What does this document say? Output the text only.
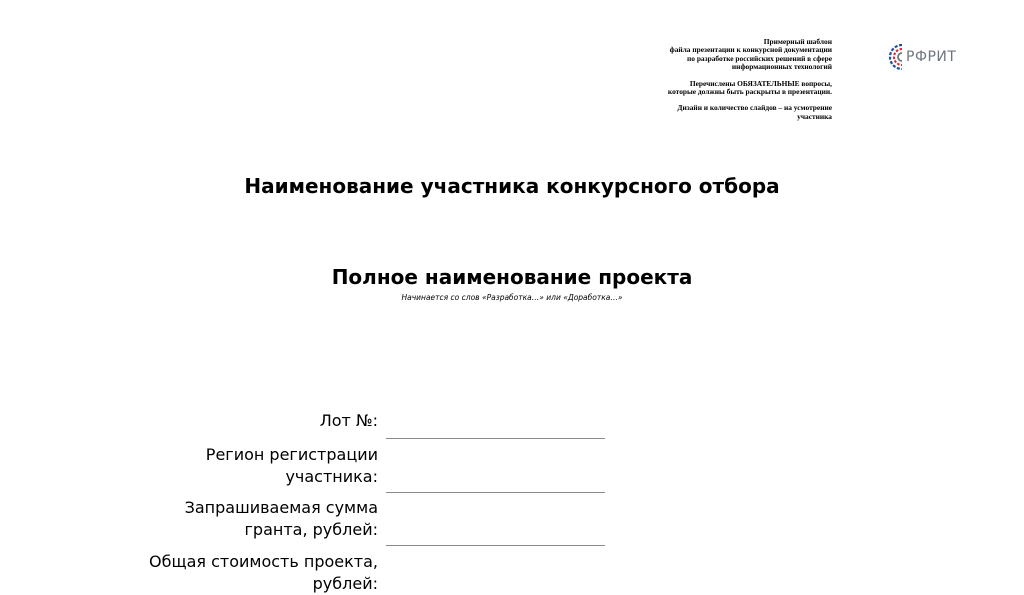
Примерный шаблон
файла презентации к конкурсной документации
по разработке российских решений в сфере
информационных технологий
Перечислены ОБЯЗАТЕЛЬНЫЕ вопросы,
которые должны быть раскрыты в презентации.
Дизайн и количество слайдов – на усмотрение
участника
РФРИТ
Наименование участника конкурсного отбора
Полное наименование проекта
Начинается со слов «Разработка…» или «Доработка…»
Лот №:
Регион регистрации
участника:
Запрашиваемая сумма
гранта, рублей:
Общая стоимость проекта,
рублей:
